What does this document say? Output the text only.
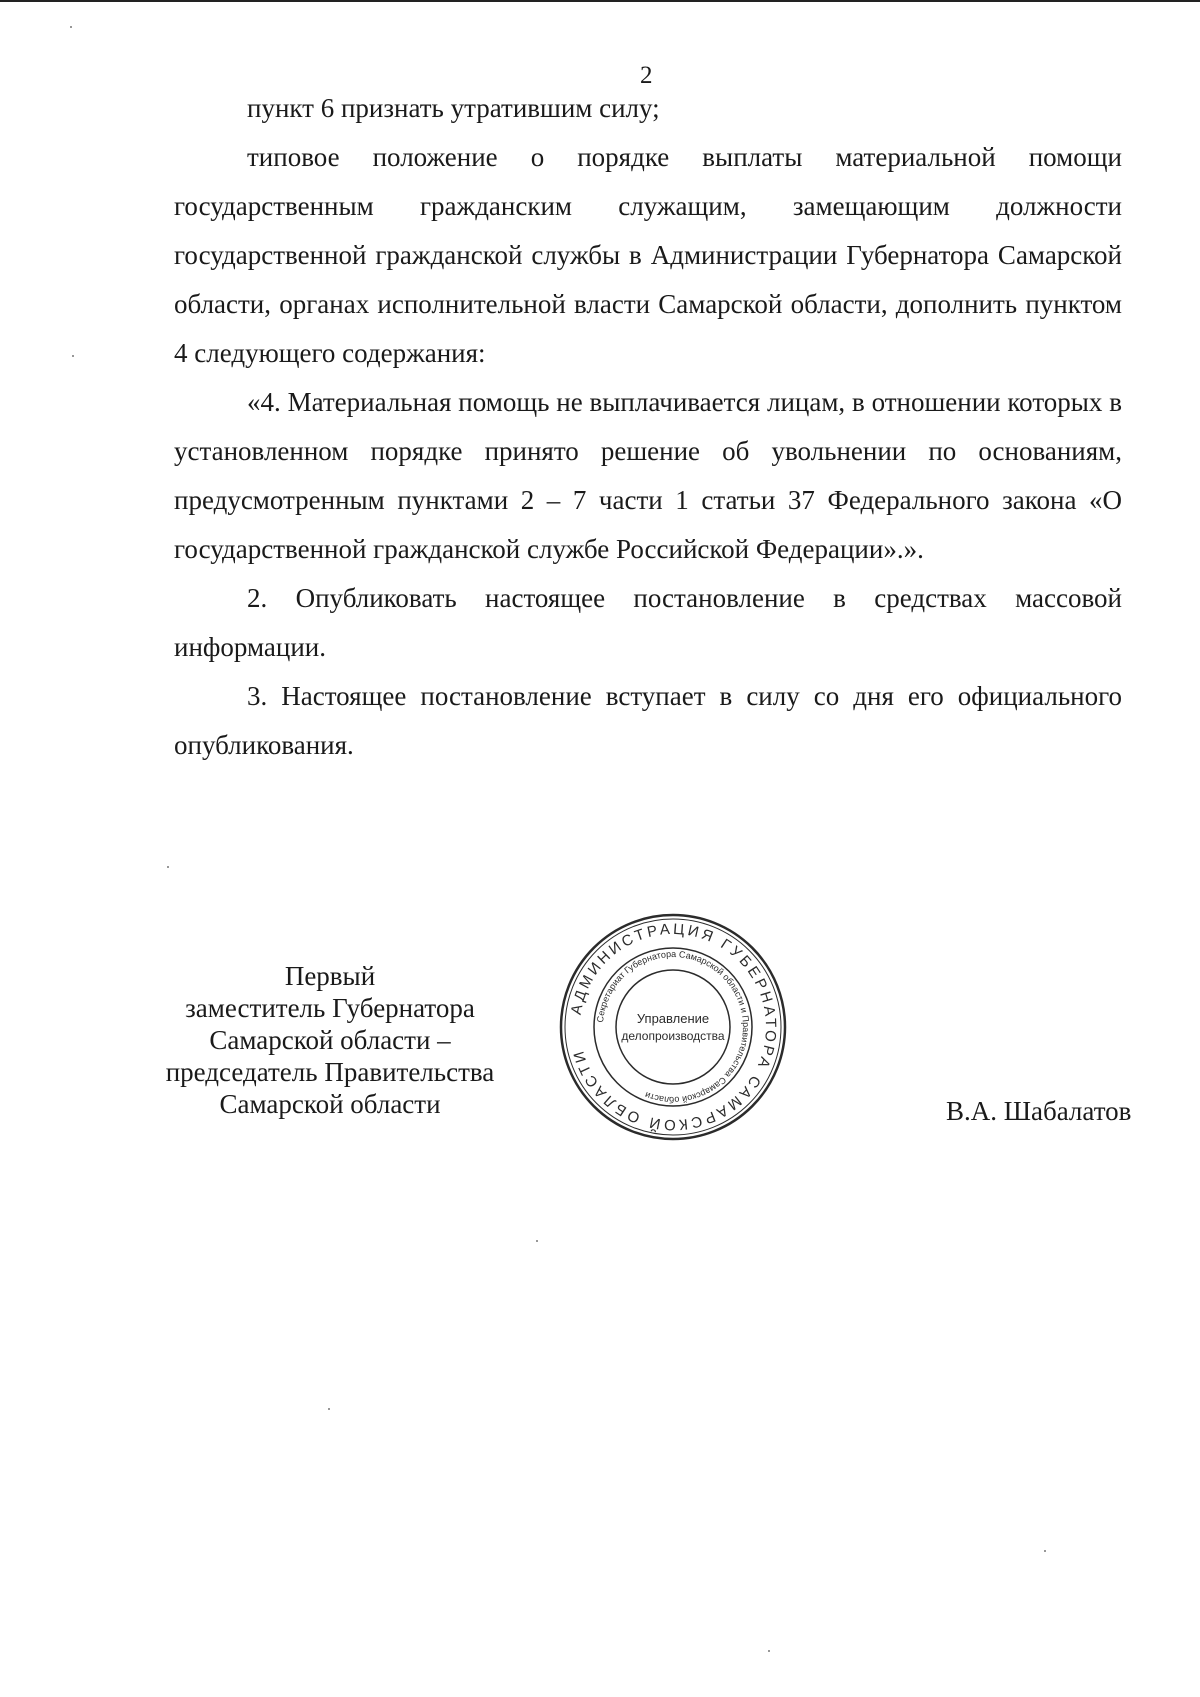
2

пункт 6 признать утратившим силу;

типовое положение о порядке выплаты материальной помощи государственным гражданским служащим, замещающим должности государственной гражданской службы в Администрации Губернатора Самарской области, органах исполнительной власти Самарской области, дополнить пунктом 4 следующего содержания:

«4. Материальная помощь не выплачивается лицам, в отношении которых в установленном порядке принято решение об увольнении по основаниям, предусмотренным пунктами 2 – 7 части 1 статьи 37 Федерального закона «О государственной гражданской службе Российской Федерации».».

2. Опубликовать настоящее постановление в средствах массовой информации.

3. Настоящее постановление вступает в силу со дня его официального опубликования.

Первый
заместитель Губернатора
Самарской области –
председатель Правительства
Самарской области
АДМИНИСТРАЦИЯ ГУБЕРНАТОРА САМАРСКОЙ ОБЛАСТИ
Секретариат Губернатора Самарской области и Правительства Самарской области
Управление
делопроизводства
В.А. Шабалатов
